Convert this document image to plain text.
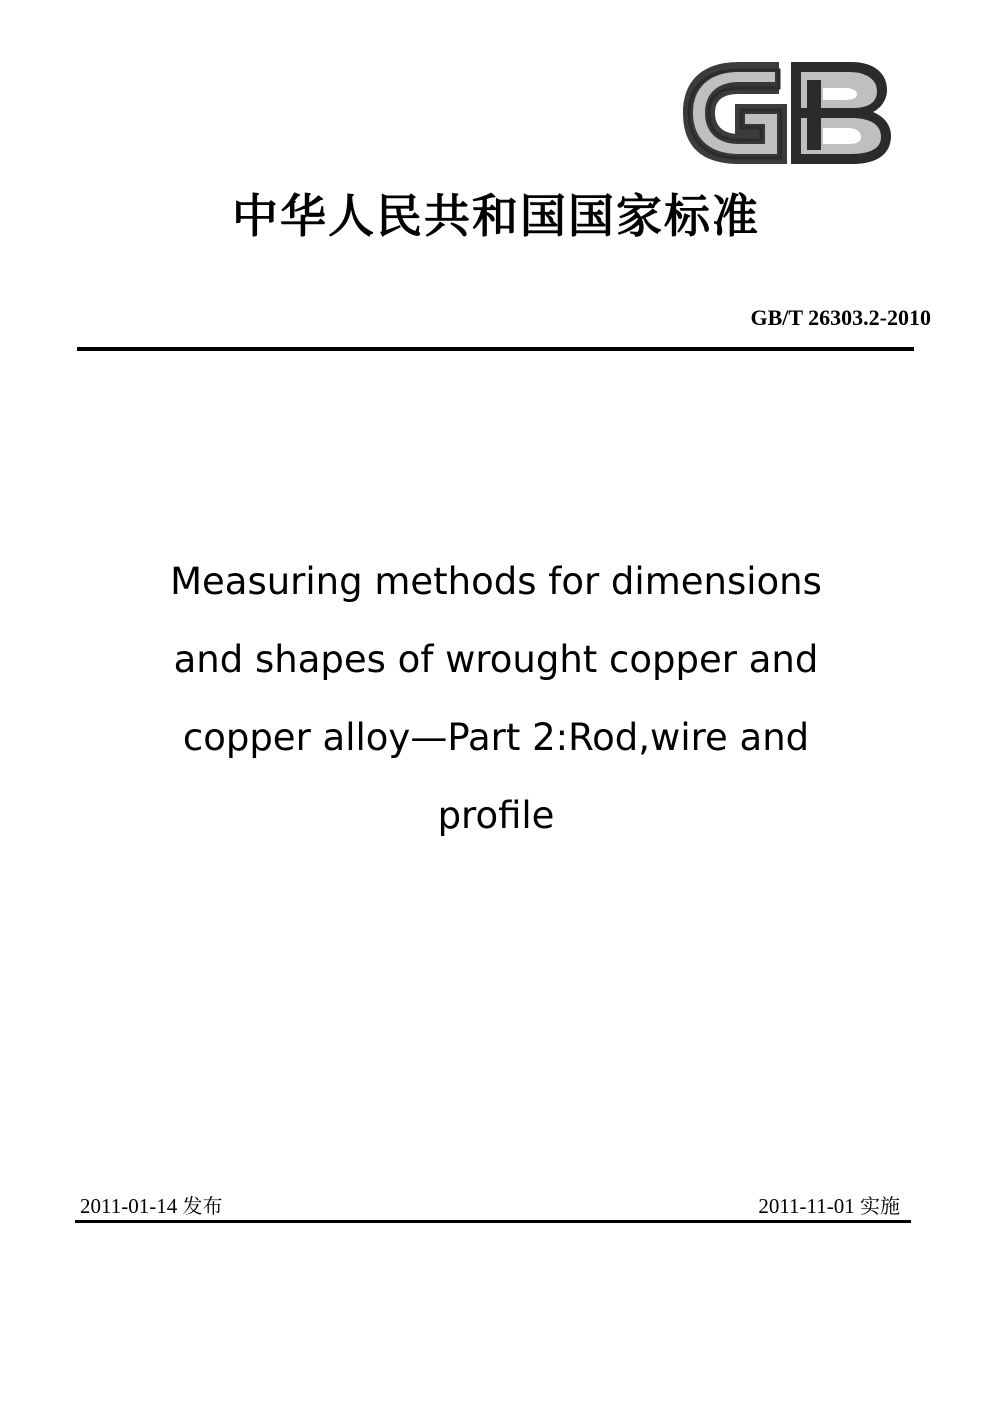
中华人民共和国国家标准
GB/T 26303.2-2010
Measuring methods for dimensions
and shapes of wrought copper and
copper alloy—Part 2:Rod,wire and
profile
2011-01-14 发布	2011-11-01 实施
